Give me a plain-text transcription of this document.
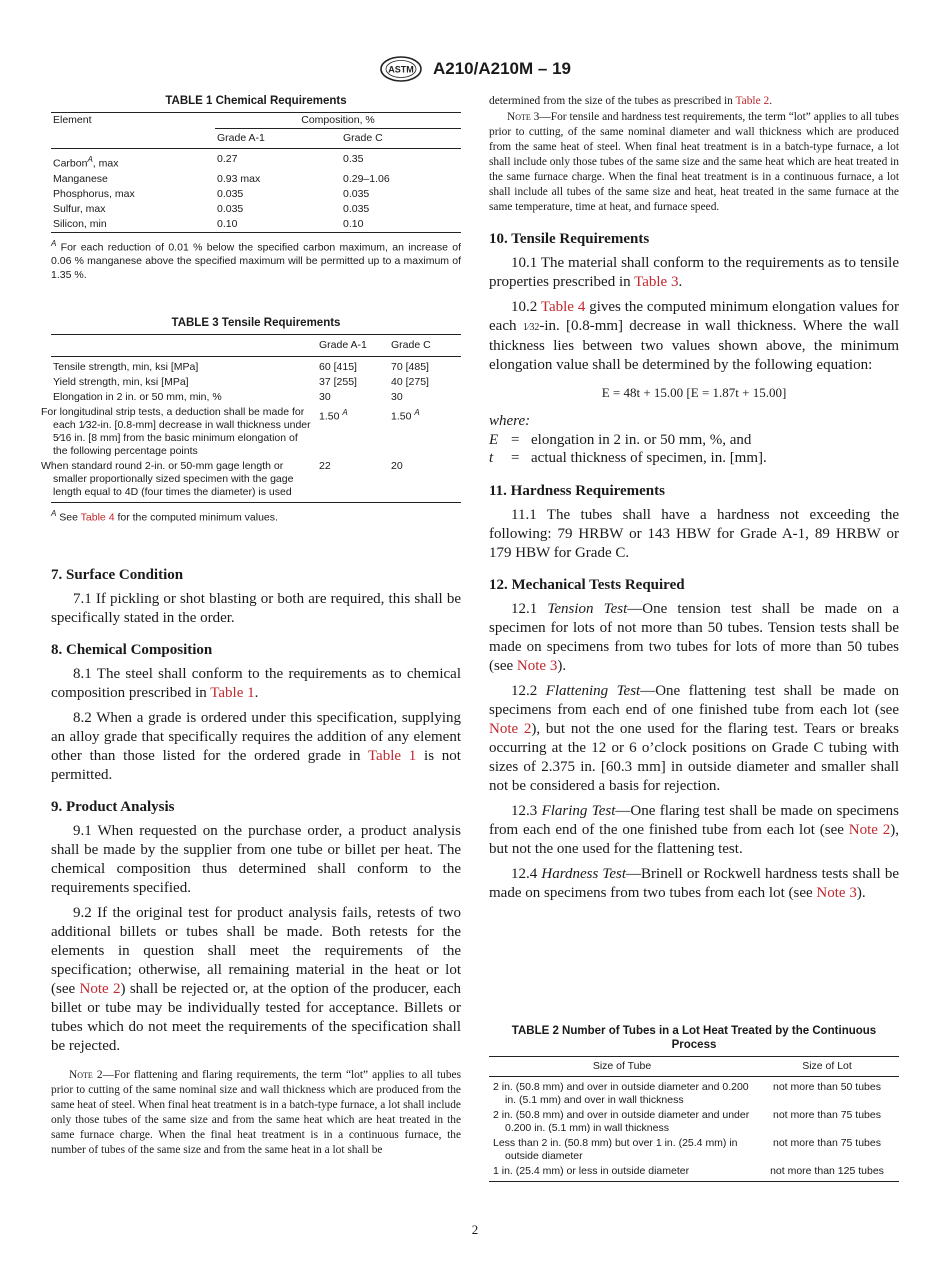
ASTM A210/A210M – 19

TABLE 1 Chemical Requirements

Element	Composition, %	
	Grade A-1	Grade C
Carbon$^A$, max	0.27	0.35
Manganese	0.93 max	0.29–1.06
Phosphorus, max	0.035	0.035
Sulfur, max	0.035	0.035
Silicon, min	0.10	0.10

$^A$ For each reduction of 0.01 % below the specified carbon maximum, an increase of 0.06 % manganese above the specified maximum will be permitted up to a maximum of 1.35 %.

TABLE 3 Tensile Requirements

	Grade A-1	Grade C
Tensile strength, min, ksi [MPa]	60 [415]	70 [485]
Yield strength, min, ksi [MPa]	37 [255]	40 [275]
Elongation in 2 in. or 50 mm, min, %	30	30
For longitudinal strip tests, a deduction shall be made for each 1⁄32-in. [0.8-mm] decrease in wall thickness under 5⁄16 in. [8 mm] from the basic minimum elongation of the following percentage points	1.50 $^A$	1.50 $^A$
When standard round 2-in. or 50-mm gage length or smaller proportionally sized specimen with the gage length equal to 4D (four times the diameter) is used	22	20

$^A$ See Table 4 for the computed minimum values.

7. Surface Condition

7.1 If pickling or shot blasting or both are required, this shall be specifically stated in the order.

8. Chemical Composition

8.1 The steel shall conform to the requirements as to chemical composition prescribed in Table 1.

8.2 When a grade is ordered under this specification, supplying an alloy grade that specifically requires the addition of any element other than those listed for the ordered grade in Table 1 is not permitted.

9. Product Analysis

9.1 When requested on the purchase order, a product analysis shall be made by the supplier from one tube or billet per heat. The chemical composition thus determined shall conform to the requirements specified.

9.2 If the original test for product analysis fails, retests of two additional billets or tubes shall be made. Both retests for the elements in question shall meet the requirements of the specification; otherwise, all remaining material in the heat or lot (see Note 2) shall be rejected or, at the option of the producer, each billet or tube may be individually tested for acceptance. Billets or tubes which do not meet the requirements of the specification shall be rejected.

Note 2—For flattening and flaring requirements, the term “lot” applies to all tubes prior to cutting of the same nominal size and wall thickness which are produced from the same heat of steel. When final heat treatment is in a batch-type furnace, a lot shall include only those tubes of the same size and from the same heat which are heat treated in the same furnace charge. When the final heat treatment is in a continuous furnace, the number of tubes of the same size and from the same heat in a lot shall be

determined from the size of the tubes as prescribed in Table 2.

Note 3—For tensile and hardness test requirements, the term “lot” applies to all tubes prior to cutting, of the same nominal diameter and wall thickness which are produced from the same heat of steel. When final heat treatment is in a batch-type furnace, a lot shall include only those tubes of the same size and the same heat which are heat treated in the same furnace charge. When the final heat treatment is in a continuous furnace, a lot shall include all tubes of the same size and heat, heat treated in the same furnace at the same temperature, time at heat, and furnace speed.

10. Tensile Requirements

10.1 The material shall conform to the requirements as to tensile properties prescribed in Table 3.

10.2 Table 4 gives the computed minimum elongation values for each 1⁄32-in. [0.8-mm] decrease in wall thickness. Where the wall thickness lies between two values shown above, the minimum elongation value shall be determined by the following equation:

E = 48t + 15.00 [E = 1.87t + 15.00]

where:

E = elongation in 2 in. or 50 mm, %, and
t	= actual thickness of specimen, in. [mm].

11. Hardness Requirements

11.1 The tubes shall have a hardness not exceeding the following: 79 HRBW or 143 HBW for Grade A-1, 89 HRBW or 179 HBW for Grade C.

12. Mechanical Tests Required

12.1 Tension Test—One tension test shall be made on a specimen for lots of not more than 50 tubes. Tension tests shall be made on specimens from two tubes for lots of more than 50 tubes (see Note 3).

12.2 Flattening Test—One flattening test shall be made on specimens from each end of one finished tube from each lot (see Note 2), but not the one used for the flaring test. Tears or breaks occurring at the 12 or 6 o’clock positions on Grade C tubing with sizes of 2.375 in. [60.3 mm] in outside diameter and smaller shall not be considered a basis for rejection.

12.3 Flaring Test—One flaring test shall be made on specimens from each end of the one finished tube from each lot (see Note 2), but not the one used for the flattening test.

12.4 Hardness Test—Brinell or Rockwell hardness tests shall be made on specimens from two tubes from each lot (see Note 3).

TABLE 2 Number of Tubes in a Lot Heat Treated by the Continuous Process

Size of Tube	Size of Lot
2 in. (50.8 mm) and over in outside diameter and 0.200 in. (5.1 mm) and over in wall thickness	not more than 50 tubes
2 in. (50.8 mm) and over in outside diameter and under 0.200 in. (5.1 mm) in wall thickness	not more than 75 tubes
Less than 2 in. (50.8 mm) but over 1 in. (25.4 mm) in outside diameter	not more than 75 tubes
1 in. (25.4 mm) or less in outside diameter	not more than 125 tubes
2
